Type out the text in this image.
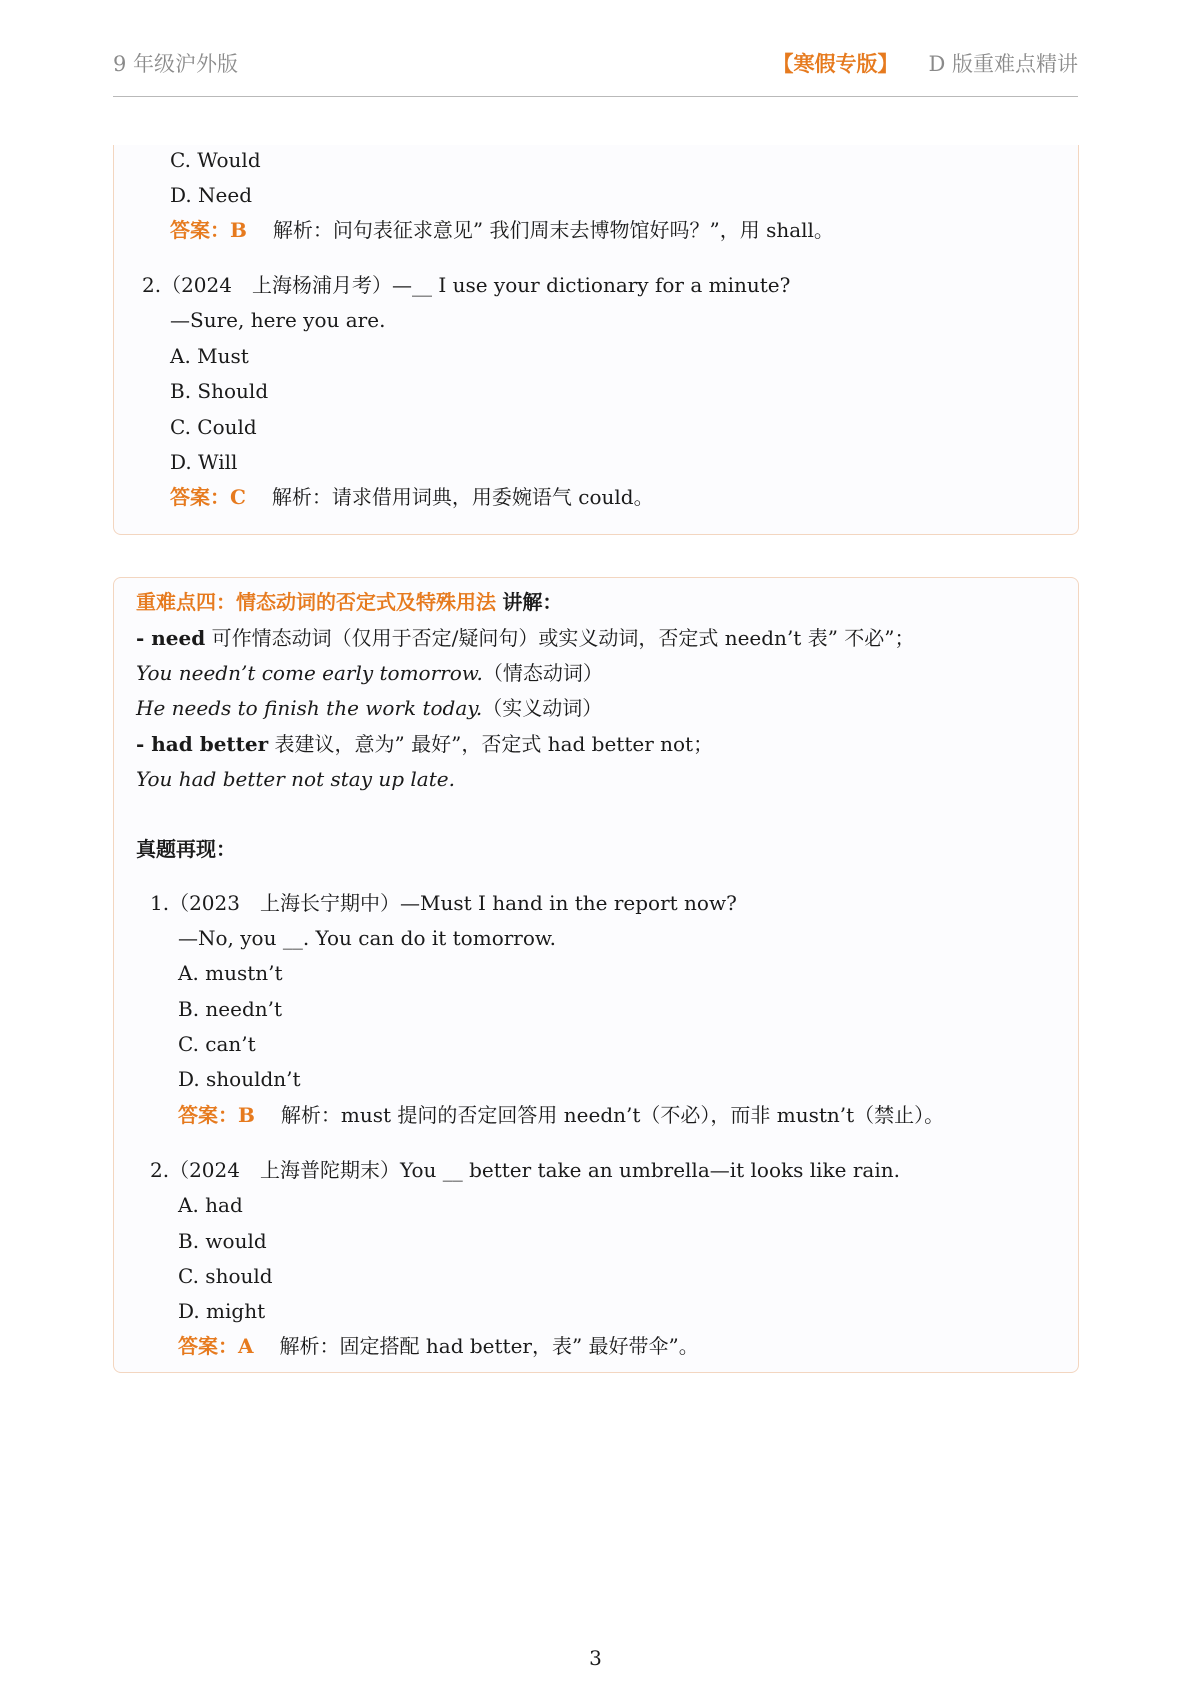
9 年级沪外版	【寒假专版】 D 版重难点精讲
C. Would
D. Need
答案：B 解析：问句表征求意见” 我们周末去博物馆好吗？”，用 shall。
2.（2024　上海杨浦月考）—__ I use your dictionary for a minute?
—Sure, here you are.
A. Must
B. Should
C. Could
D. Will
答案：C 解析：请求借用词典，用委婉语气 could。
重难点四：情态动词的否定式及特殊用法 讲解：
- need 可作情态动词（仅用于否定/疑问句）或实义动词，否定式 needn’t 表” 不必”；
You needn’t come early tomorrow.（情态动词）
He needs to finish the work today.（实义动词）
- had better 表建议，意为” 最好”，否定式 had better not；
You had better not stay up late.
真题再现：
1.（2023　上海长宁期中）—Must I hand in the report now?
—No, you __. You can do it tomorrow.
A. mustn’t
B. needn’t
C. can’t
D. shouldn’t
答案：B 解析：must 提问的否定回答用 needn’t（不必），而非 mustn’t（禁止）。
2.（2024　上海普陀期末）You __ better take an umbrella—it looks like rain.
A. had
B. would
C. should
D. might
答案：A 解析：固定搭配 had better，表” 最好带伞”。
3
